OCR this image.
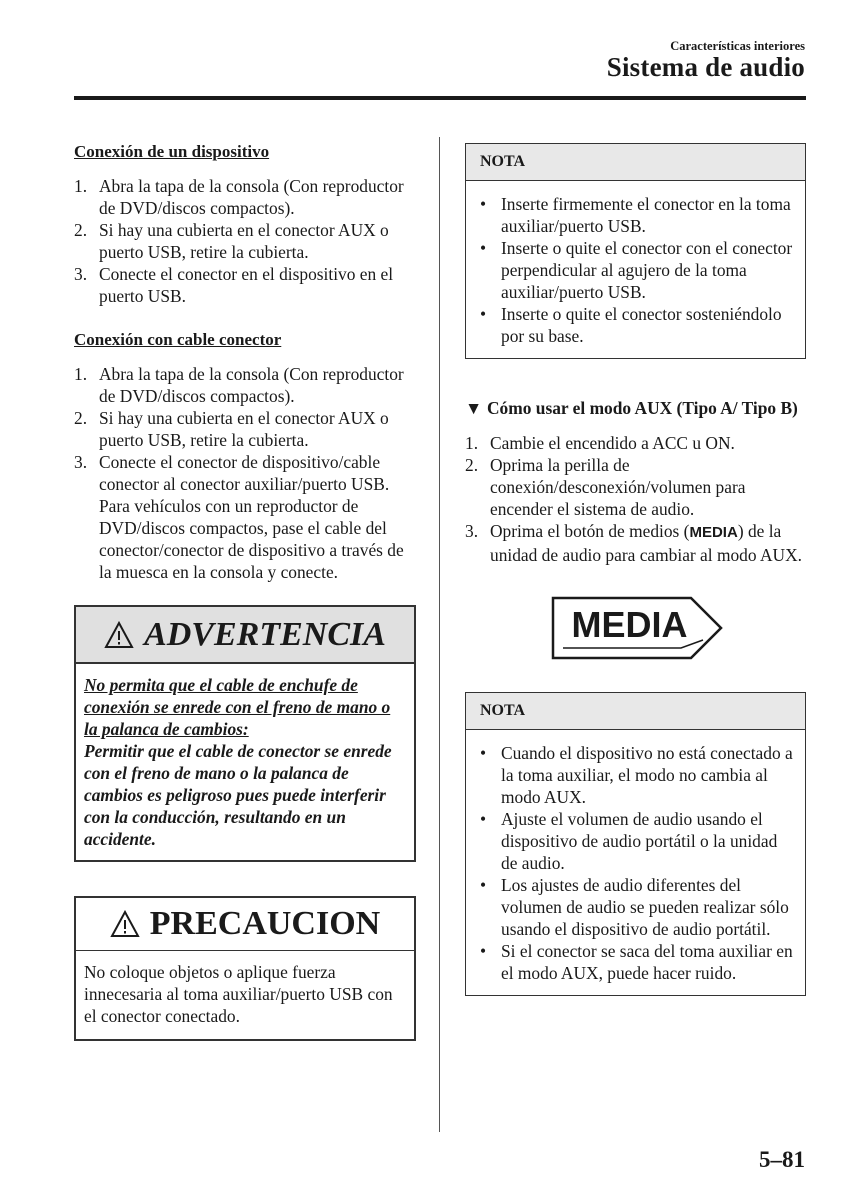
Características interiores
Sistema de audio
Conexión de un dispositivo
1. Abra la tapa de la consola (Con reproductor de DVD/discos compactos).
2. Si hay una cubierta en el conector AUX o puerto USB, retire la cubierta.
3. Conecte el conector en el dispositivo en el puerto USB.
Conexión con cable conector
1. Abra la tapa de la consola (Con reproductor de DVD/discos compactos).
2. Si hay una cubierta en el conector AUX o puerto USB, retire la cubierta.
3. Conecte el conector de dispositivo/cable conector al conector auxiliar/puerto USB. Para vehículos con un reproductor de DVD/discos compactos, pase el cable del conector/conector de dispositivo a través de la muesca en la consola y conecte.
ADVERTENCIA
No permita que el cable de enchufe de conexión se enrede con el freno de mano o la palanca de cambios:
Permitir que el cable de conector se enrede con el freno de mano o la palanca de cambios es peligroso pues puede interferir con la conducción, resultando en un accidente.
PRECAUCION
No coloque objetos o aplique fuerza innecesaria al toma auxiliar/puerto USB con el conector conectado.
NOTA
• Inserte firmemente el conector en la toma auxiliar/puerto USB.
• Inserte o quite el conector con el conector perpendicular al agujero de la toma auxiliar/puerto USB.
• Inserte o quite el conector sosteniéndolo por su base.
▼ Cómo usar el modo AUX (Tipo A/ Tipo B)
1. Cambie el encendido a ACC u ON.
2. Oprima la perilla de conexión/desconexión/volumen para encender el sistema de audio.
3. Oprima el botón de medios (MEDIA) de la unidad de audio para cambiar al modo AUX.
MEDIA
NOTA
• Cuando el dispositivo no está conectado a la toma auxiliar, el modo no cambia al modo AUX.
• Ajuste el volumen de audio usando el dispositivo de audio portátil o la unidad de audio.
• Los ajustes de audio diferentes del volumen de audio se pueden realizar sólo usando el dispositivo de audio portátil.
• Si el conector se saca del toma auxiliar en el modo AUX, puede hacer ruido.
5–81
